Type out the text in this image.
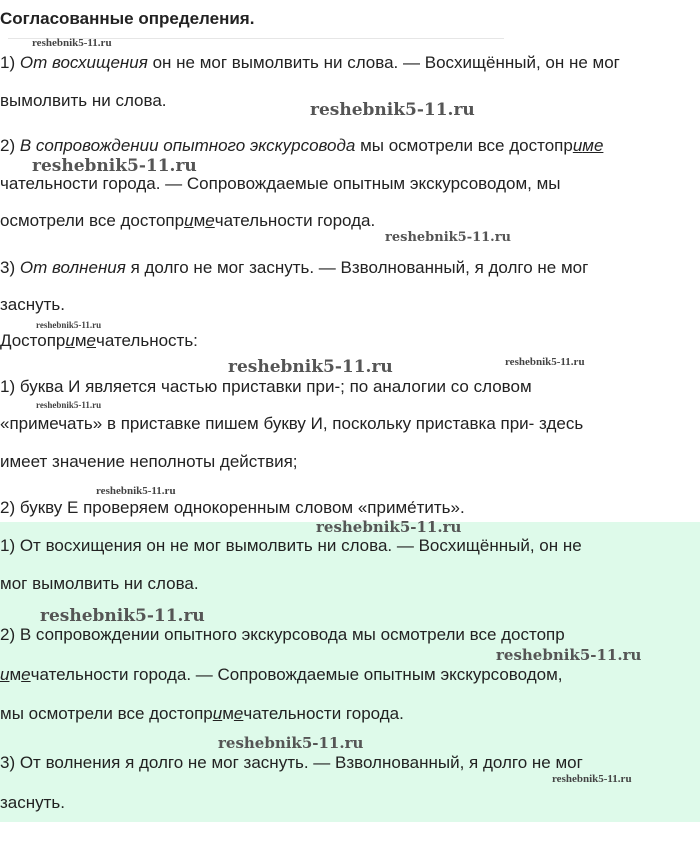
Согласованные определения.
1) От восхищения он не мог вымолвить ни слова. — Восхищённый, он не мог
вымолвить ни слова.
2) В сопровождении опытного экскурсовода мы осмотрели все достоприме
чательности города. — Сопровождаемые опытным экскурсоводом, мы
осмотрели все достопримечательности города.
3) От волнения я долго не мог заснуть. — Взволнованный, я долго не мог
заснуть.
Достопримечательность:
1) буква И является частью приставки при-; по аналогии со словом
«примечать» в приставке пишем букву И, поскольку приставка при- здесь
имеет значение неполноты действия;
2) букву Е проверяем однокоренным словом «приме́тить».
1) От восхищения он не мог вымолвить ни слова. — Восхищённый, он не
мог вымолвить ни слова.
2) В сопровождении опытного экскурсовода мы осмотрели все достопр
имечательности города. — Сопровождаемые опытным экскурсоводом,
мы осмотрели все достопримечательности города.
3) От волнения я долго не мог заснуть. — Взволнованный, я долго не мог
заснуть.
reshebnik5-11.ru
reshebnik5-11.ru
reshebnik5-11.ru
reshebnik5-11.ru
reshebnik5-11.ru
reshebnik5-11.ru	reshebnik5-11.ru
reshebnik5-11.ru
reshebnik5-11.ru
reshebnik5-11.ru
reshebnik5-11.ru
reshebnik5-11.ru
reshebnik5-11.ru
reshebnik5-11.ru
